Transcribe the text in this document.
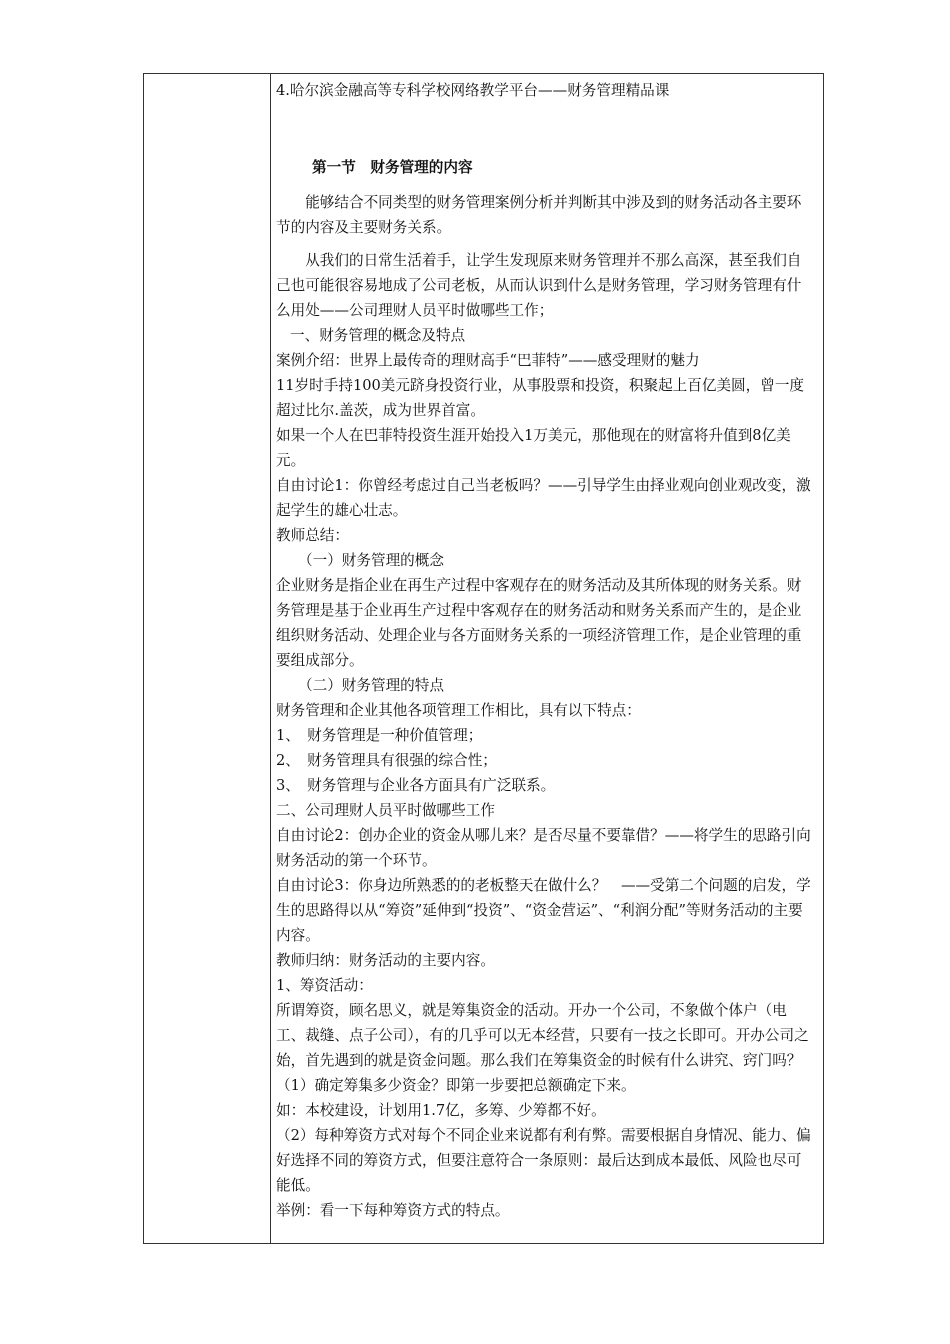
4.哈尔滨金融高等专科学校网络教学平台——财务管理精品课

第一节　财务管理的内容

能够结合不同类型的财务管理案例分析并判断其中涉及到的财务活动各主要环节的内容及主要财务关系。

从我们的日常生活着手，让学生发现原来财务管理并不那么高深，甚至我们自己也可能很容易地成了公司老板，从而认识到什么是财务管理，学习财务管理有什么用处——公司理财人员平时做哪些工作；

一、财务管理的概念及特点

案例介绍：世界上最传奇的理财高手“巴菲特”——感受理财的魅力

11岁时手持100美元跻身投资行业，从事股票和投资，积聚起上百亿美圆，曾一度超过比尔.盖茨，成为世界首富。

如果一个人在巴菲特投资生涯开始投入1万美元，那他现在的财富将升值到8亿美元。

自由讨论1：你曾经考虑过自己当老板吗？——引导学生由择业观向创业观改变，激起学生的雄心壮志。

教师总结：

（一）财务管理的概念

企业财务是指企业在再生产过程中客观存在的财务活动及其所体现的财务关系。财务管理是基于企业再生产过程中客观存在的财务活动和财务关系而产生的，是企业组织财务活动、处理企业与各方面财务关系的一项经济管理工作，是企业管理的重要组成部分。

（二）财务管理的特点

财务管理和企业其他各项管理工作相比，具有以下特点：

1、　财务管理是一种价值管理；

2、　财务管理具有很强的综合性；

3、　财务管理与企业各方面具有广泛联系。

二、公司理财人员平时做哪些工作

自由讨论2：创办企业的资金从哪儿来？是否尽量不要靠借？——将学生的思路引向财务活动的第一个环节。

自由讨论3：你身边所熟悉的的老板整天在做什么？　——受第二个问题的启发，学生的思路得以从“筹资”延伸到“投资”、“资金营运”、“利润分配”等财务活动的主要内容。

教师归纳：财务活动的主要内容。

1、筹资活动：

所谓筹资，顾名思义，就是筹集资金的活动。开办一个公司，不象做个体户（电工、裁缝、点子公司），有的几乎可以无本经营，只要有一技之长即可。开办公司之始，首先遇到的就是资金问题。那么我们在筹集资金的时候有什么讲究、窍门吗？

（1）确定筹集多少资金？即第一步要把总额确定下来。

如：本校建设，计划用1.7亿，多筹、少筹都不好。

（2）每种筹资方式对每个不同企业来说都有利有弊。需要根据自身情况、能力、偏好选择不同的筹资方式，但要注意符合一条原则：最后达到成本最低、风险也尽可能低。

举例：看一下每种筹资方式的特点。
